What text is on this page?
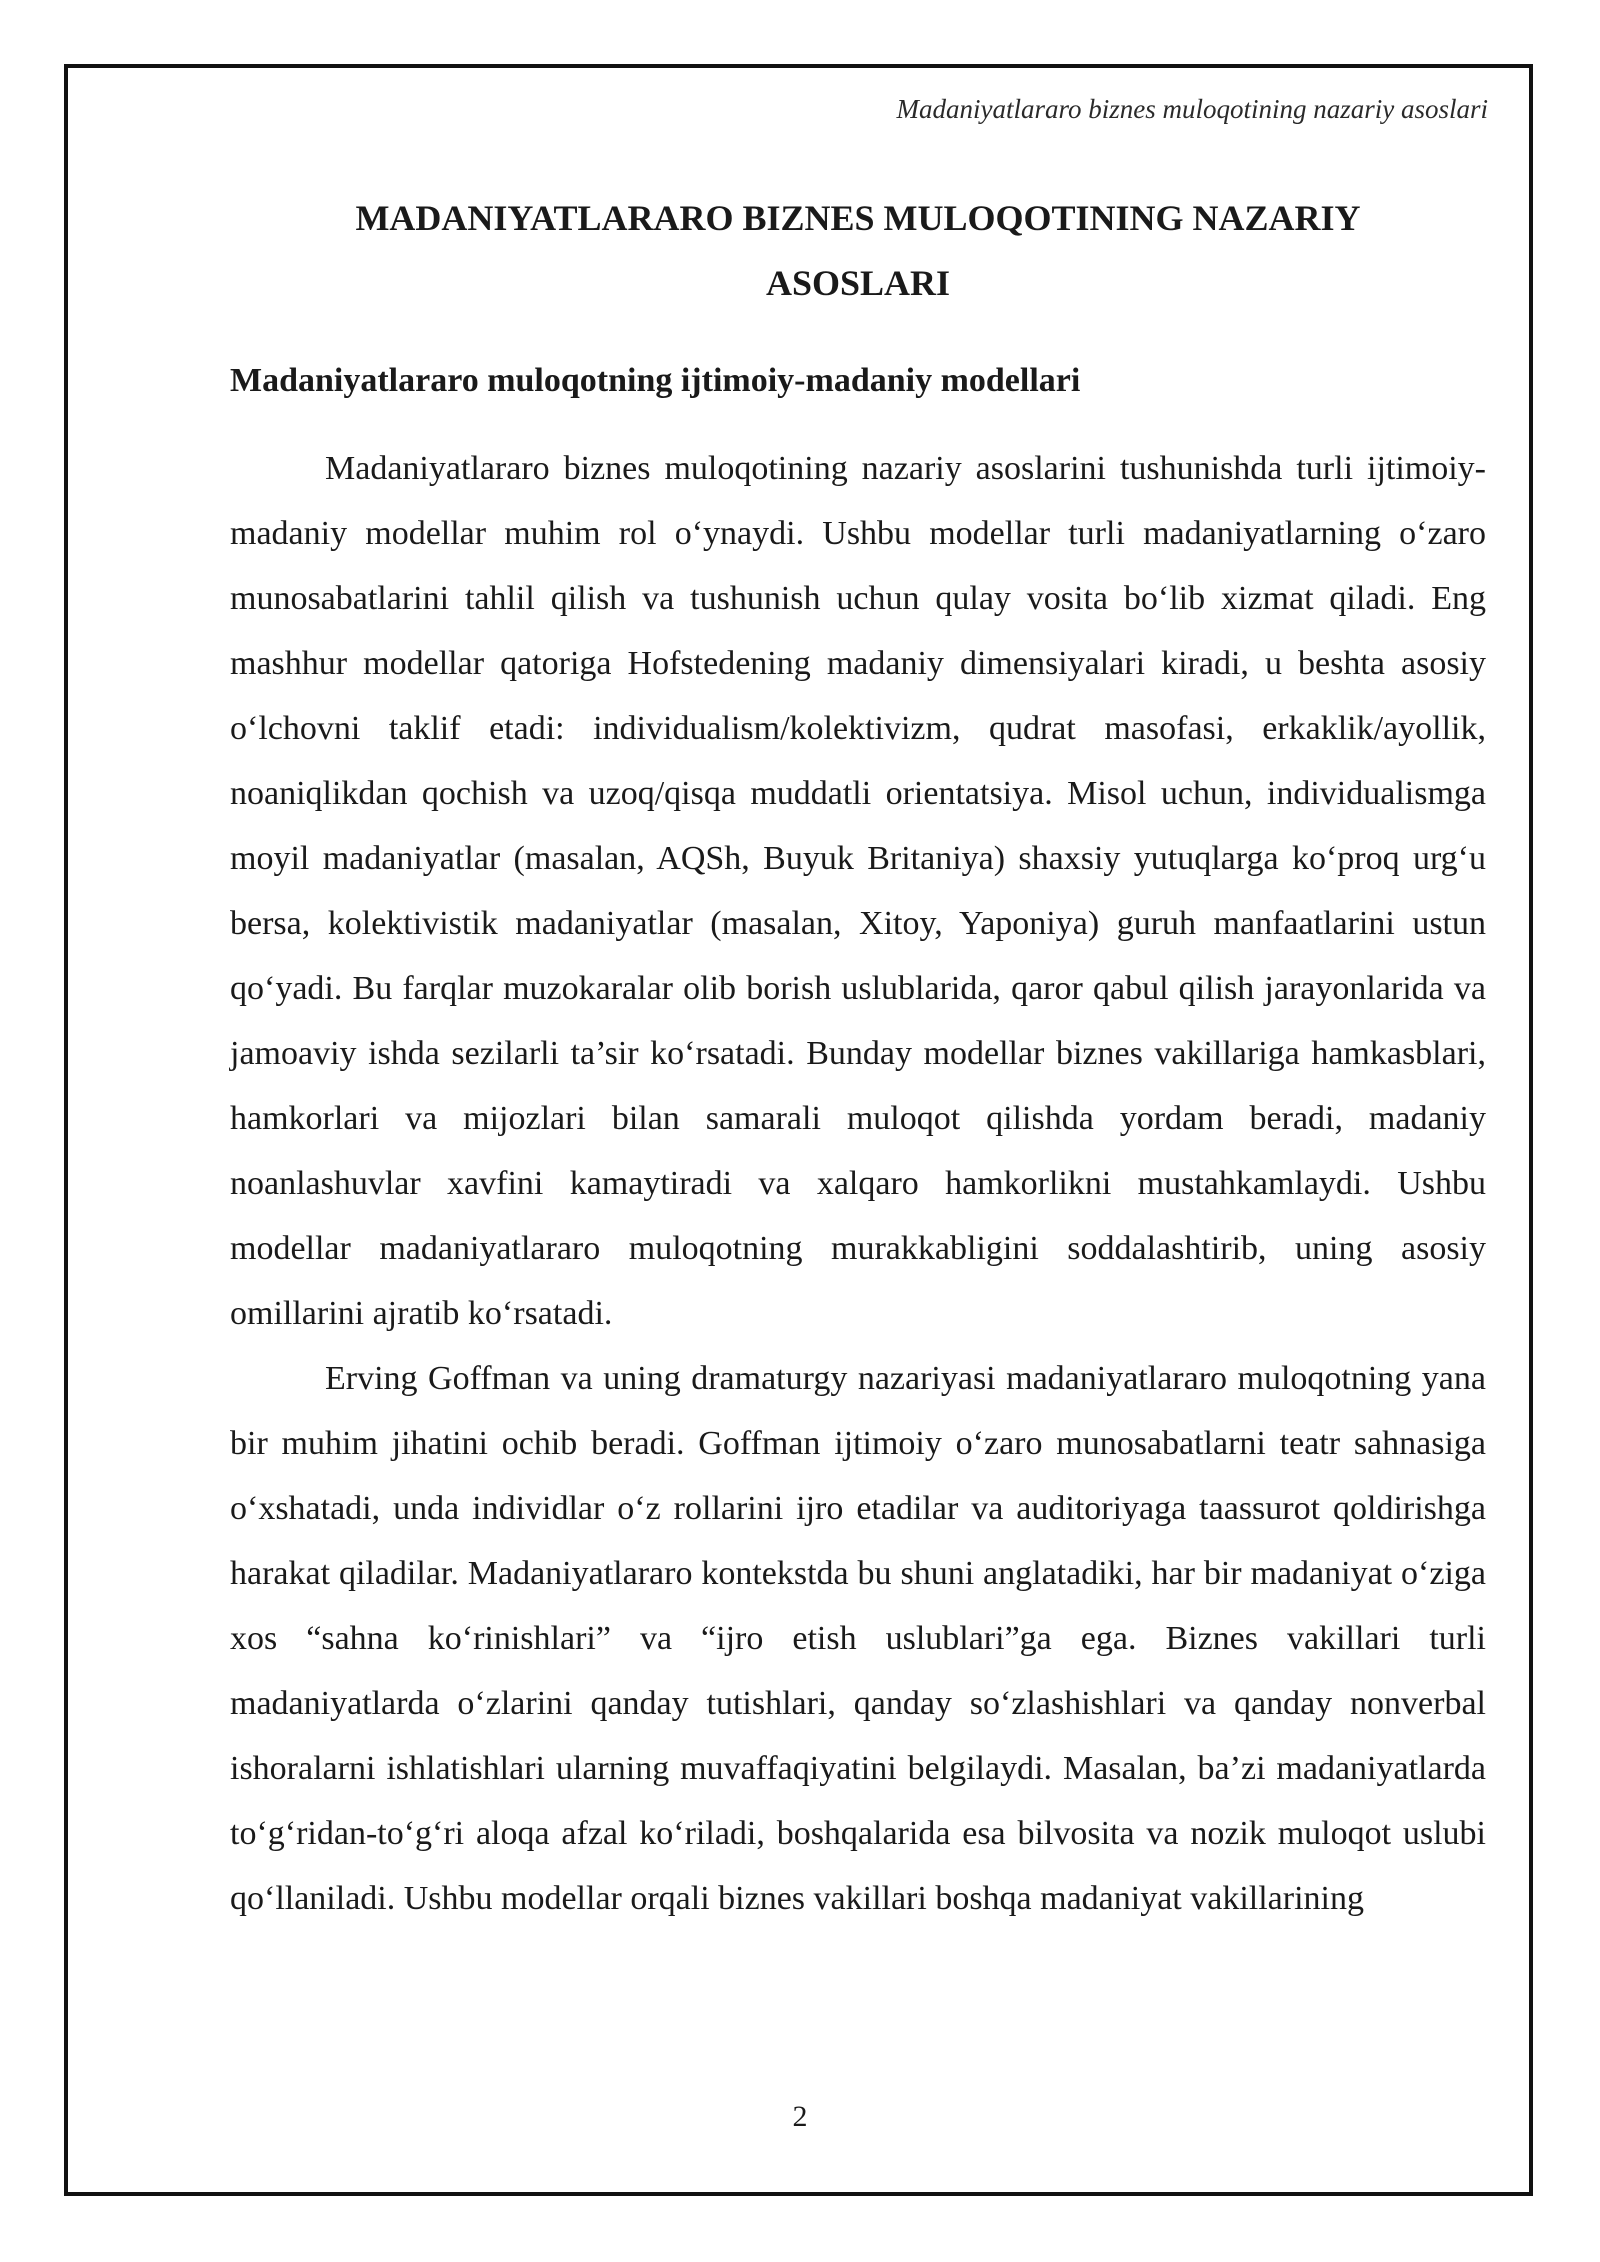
Madaniyatlararo biznes muloqotining nazariy asoslari
MADANIYATLARARO BIZNES MULOQOTINING NAZARIY
ASOSLARI
Madaniyatlararo muloqotning ijtimoiy-madaniy modellari

Madaniyatlararo biznes muloqotining nazariy asoslarini tushunishda turli ijtimoiy-madaniy modellar muhim rol o‘ynaydi. Ushbu modellar turli madaniyatlarning o‘zaro munosabatlarini tahlil qilish va tushunish uchun qulay vosita bo‘lib xizmat qiladi. Eng mashhur modellar qatoriga Hofstedening madaniy dimensiyalari kiradi, u beshta asosiy o‘lchovni taklif etadi: individualism/kolektivizm, qudrat masofasi, erkaklik/ayollik, noaniqlikdan qochish va uzoq/qisqa muddatli orientatsiya. Misol uchun, individualismga moyil madaniyatlar (masalan, AQSh, Buyuk Britaniya) shaxsiy yutuqlarga ko‘proq urg‘u bersa, kolektivistik madaniyatlar (masalan, Xitoy, Yaponiya) guruh manfaatlarini ustun qo‘yadi. Bu farqlar muzokaralar olib borish uslublarida, qaror qabul qilish jarayonlarida va jamoaviy ishda sezilarli ta’sir ko‘rsatadi. Bunday modellar biznes vakillariga hamkasblari, hamkorlari va mijozlari bilan samarali muloqot qilishda yordam beradi, madaniy noanlashuvlar xavfini kamaytiradi va xalqaro hamkorlikni mustahkamlaydi. Ushbu modellar madaniyatlararo muloqotning murakkabligini soddalashtirib, uning asosiy omillarini ajratib ko‘rsatadi.

Erving Goffman va uning dramaturgy nazariyasi madaniyatlararo muloqotning yana bir muhim jihatini ochib beradi. Goffman ijtimoiy o‘zaro munosabatlarni teatr sahnasiga o‘xshatadi, unda individlar o‘z rollarini ijro etadilar va auditoriyaga taassurot qoldirishga harakat qiladilar. Madaniyatlararo kontekstda bu shuni anglatadiki, har bir madaniyat o‘ziga xos “sahna ko‘rinishlari” va “ijro etish uslublari”ga ega. Biznes vakillari turli madaniyatlarda o‘zlarini qanday tutishlari, qanday so‘zlashishlari va qanday nonverbal ishoralarni ishlatishlari ularning muvaffaqiyatini belgilaydi. Masalan, ba’zi madaniyatlarda to‘g‘ridan-to‘g‘ri aloqa afzal ko‘riladi, boshqalarida esa bilvosita va nozik muloqot uslubi qo‘llaniladi. Ushbu modellar orqali biznes vakillari boshqa madaniyat vakillarining

2
